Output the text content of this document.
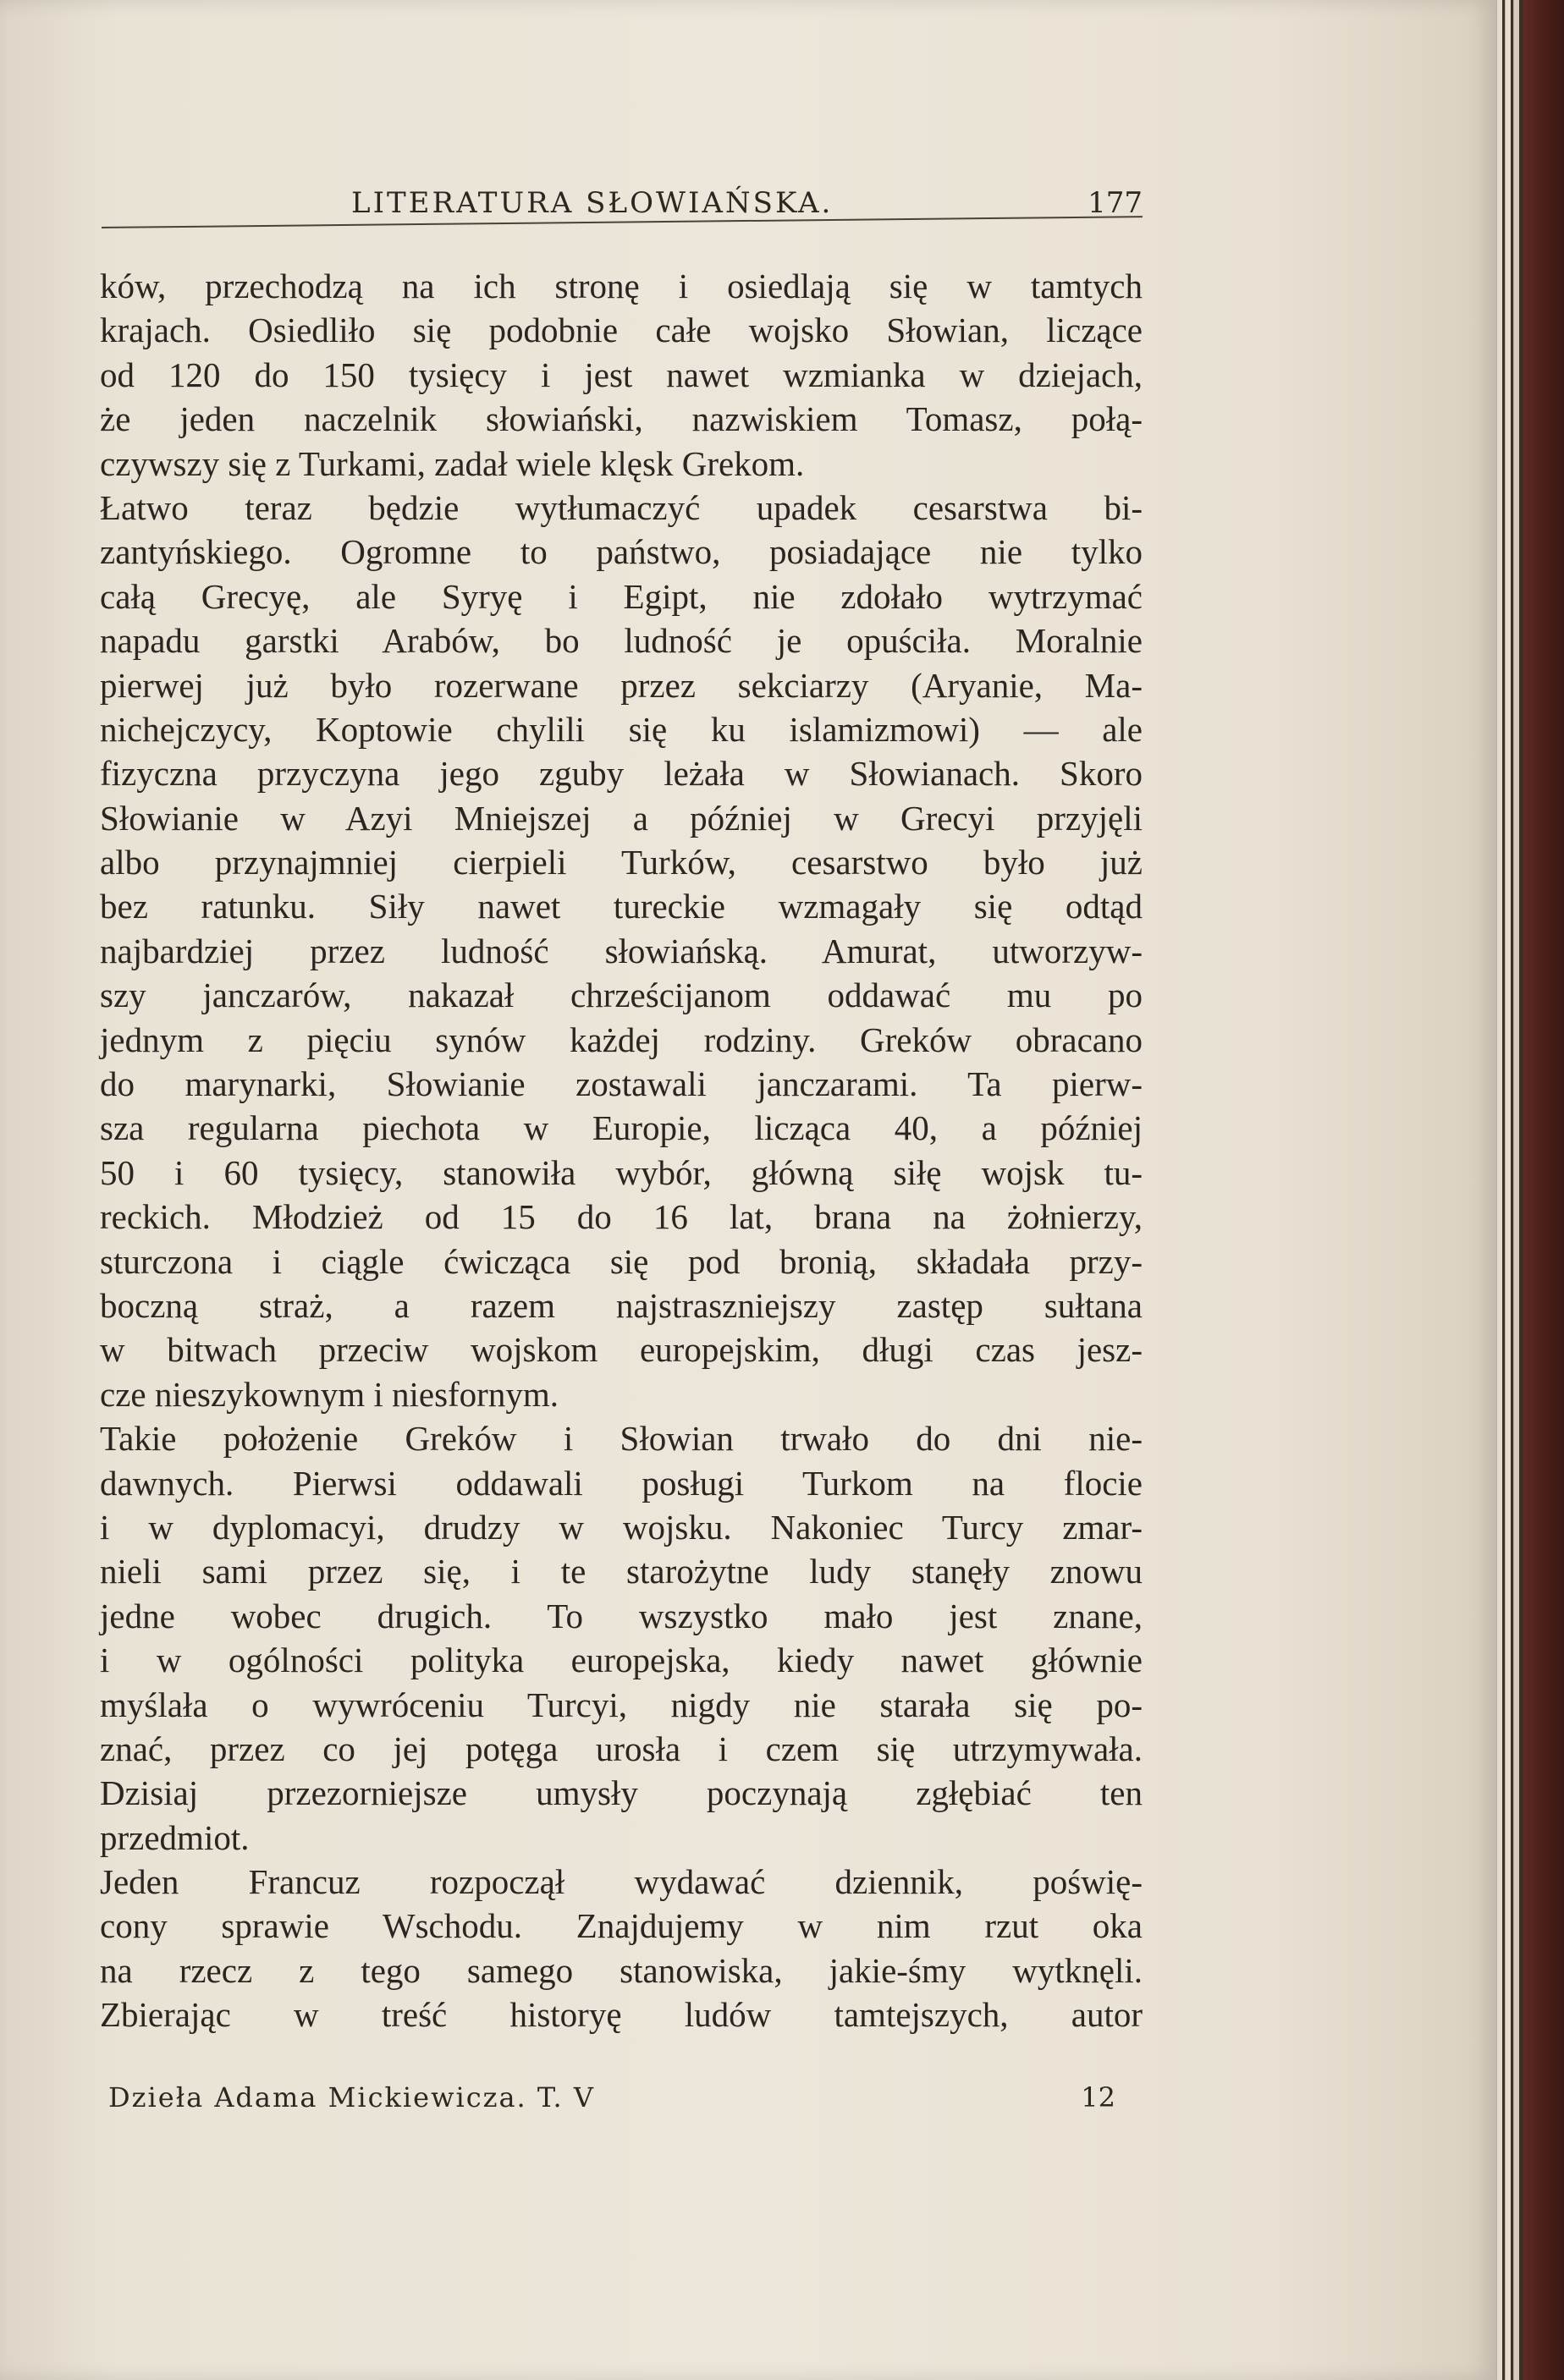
LITERATURA SŁOWIAŃSKA.	177
ków, przechodzą na ich stronę i osiedlają się w tamtych
krajach. Osiedliło się podobnie całe wojsko Słowian, liczące
od 120 do 150 tysięcy i jest nawet wzmianka w dziejach,
że jeden naczelnik słowiański, nazwiskiem Tomasz, połą-
czywszy się z Turkami, zadał wiele klęsk Grekom.
Łatwo teraz będzie wytłumaczyć upadek cesarstwa bi-
zantyńskiego. Ogromne to państwo, posiadające nie tylko
całą Grecyę, ale Syryę i Egipt, nie zdołało wytrzymać
napadu garstki Arabów, bo ludność je opuściła. Moralnie
pierwej już było rozerwane przez sekciarzy (Aryanie, Ma-
nichejczycy, Koptowie chylili się ku islamizmowi) — ale
fizyczna przyczyna jego zguby leżała w Słowianach. Skoro
Słowianie w Azyi Mniejszej a później w Grecyi przyjęli
albo przynajmniej cierpieli Turków, cesarstwo było już
bez ratunku. Siły nawet tureckie wzmagały się odtąd
najbardziej przez ludność słowiańską. Amurat, utworzyw-
szy janczarów, nakazał chrześcijanom oddawać mu po
jednym z pięciu synów każdej rodziny. Greków obracano
do marynarki, Słowianie zostawali janczarami. Ta pierw-
sza regularna piechota w Europie, licząca 40, a później
50 i 60 tysięcy, stanowiła wybór, główną siłę wojsk tu-
reckich. Młodzież od 15 do 16 lat, brana na żołnierzy,
sturczona i ciągle ćwicząca się pod bronią, składała przy-
boczną straż, a razem najstraszniejszy zastęp sułtana
w bitwach przeciw wojskom europejskim, długi czas jesz-
cze nieszykownym i niesfornym.
Takie położenie Greków i Słowian trwało do dni nie-
dawnych. Pierwsi oddawali posługi Turkom na flocie
i w dyplomacyi, drudzy w wojsku. Nakoniec Turcy zmar-
nieli sami przez się, i te starożytne ludy stanęły znowu
jedne wobec drugich. To wszystko mało jest znane,
i w ogólności polityka europejska, kiedy nawet głównie
myślała o wywróceniu Turcyi, nigdy nie starała się po-
znać, przez co jej potęga urosła i czem się utrzymywała.
Dzisiaj przezorniejsze umysły poczynają zgłębiać ten
przedmiot.
Jeden Francuz rozpoczął wydawać dziennik, poświę-
cony sprawie Wschodu. Znajdujemy w nim rzut oka
na rzecz z tego samego stanowiska, jakie-śmy wytknęli.
Zbierając w treść historyę ludów tamtejszych, autor
Dzieła Adama Mickiewicza. T. V	12
